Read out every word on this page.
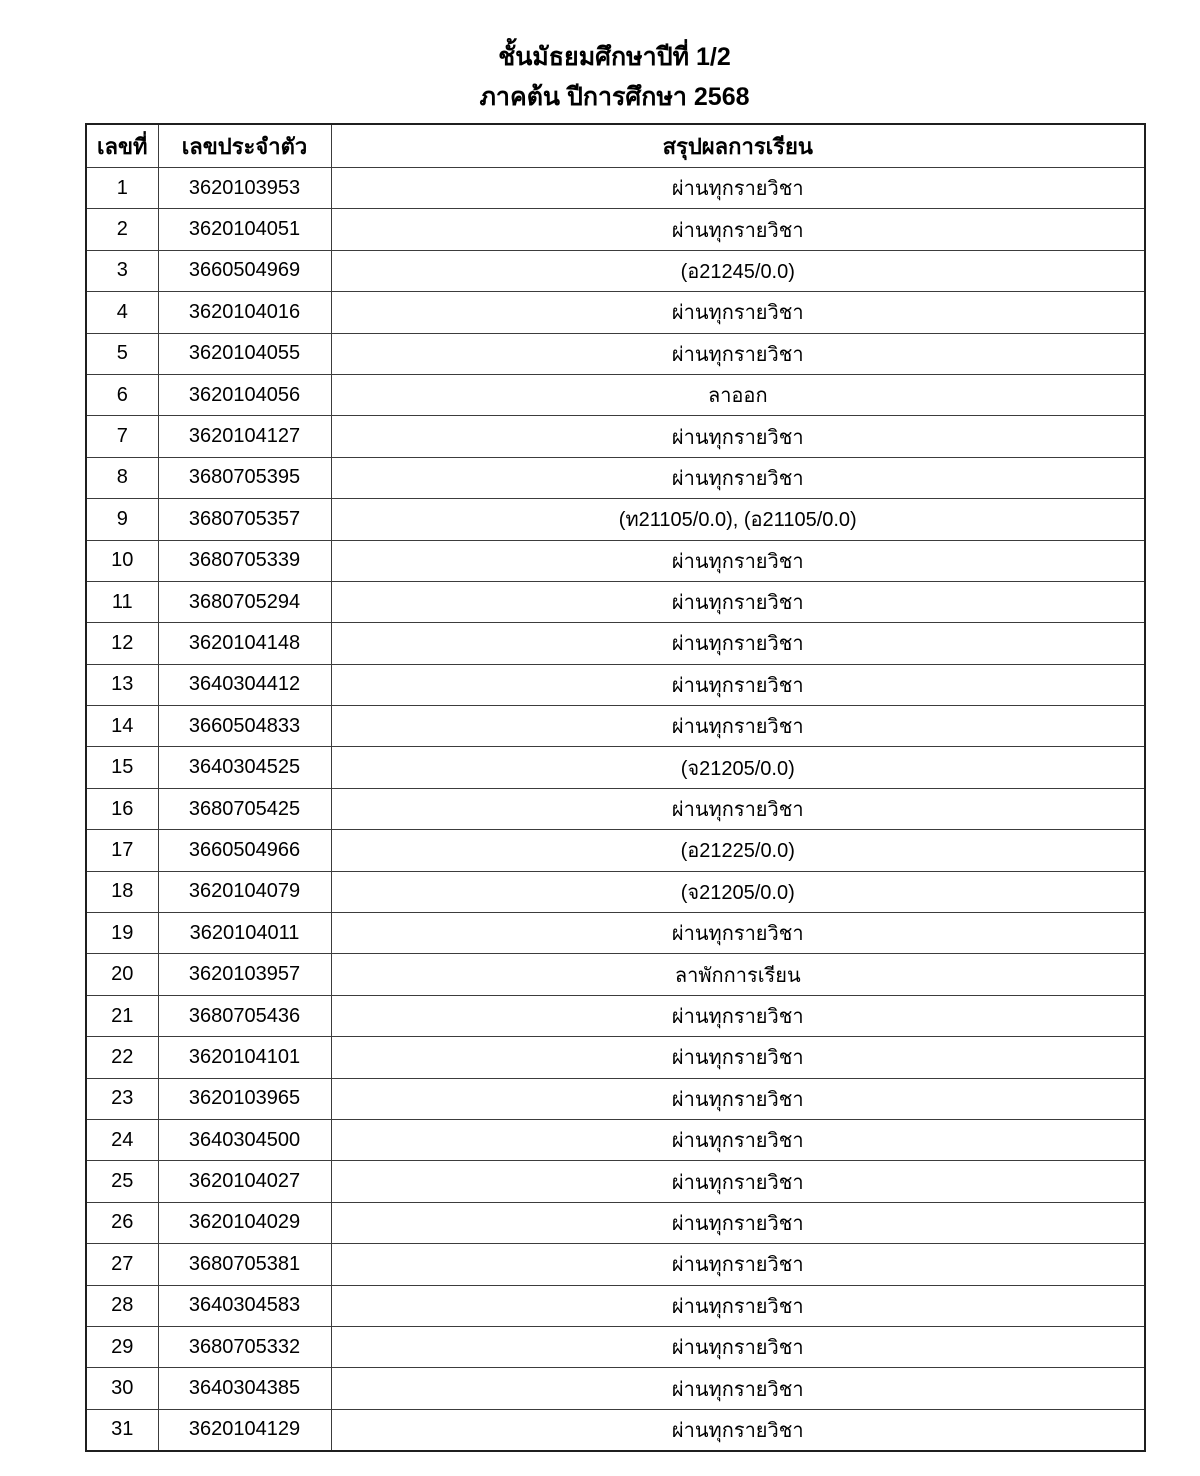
ชั้นมัธยมศึกษาปีที่ 1/2
ภาคต้น ปีการศึกษา 2568
เลขที่	เลขประจำตัว	สรุปผลการเรียน
1	3620103953	ผ่านทุกรายวิชา
2	3620104051	ผ่านทุกรายวิชา
3	3660504969	(อ21245/0.0)
4	3620104016	ผ่านทุกรายวิชา
5	3620104055	ผ่านทุกรายวิชา
6	3620104056	ลาออก
7	3620104127	ผ่านทุกรายวิชา
8	3680705395	ผ่านทุกรายวิชา
9	3680705357	(ท21105/0.0), (อ21105/0.0)
10	3680705339	ผ่านทุกรายวิชา
11	3680705294	ผ่านทุกรายวิชา
12	3620104148	ผ่านทุกรายวิชา
13	3640304412	ผ่านทุกรายวิชา
14	3660504833	ผ่านทุกรายวิชา
15	3640304525	(จ21205/0.0)
16	3680705425	ผ่านทุกรายวิชา
17	3660504966	(อ21225/0.0)
18	3620104079	(จ21205/0.0)
19	3620104011	ผ่านทุกรายวิชา
20	3620103957	ลาพักการเรียน
21	3680705436	ผ่านทุกรายวิชา
22	3620104101	ผ่านทุกรายวิชา
23	3620103965	ผ่านทุกรายวิชา
24	3640304500	ผ่านทุกรายวิชา
25	3620104027	ผ่านทุกรายวิชา
26	3620104029	ผ่านทุกรายวิชา
27	3680705381	ผ่านทุกรายวิชา
28	3640304583	ผ่านทุกรายวิชา
29	3680705332	ผ่านทุกรายวิชา
30	3640304385	ผ่านทุกรายวิชา
31	3620104129	ผ่านทุกรายวิชา
